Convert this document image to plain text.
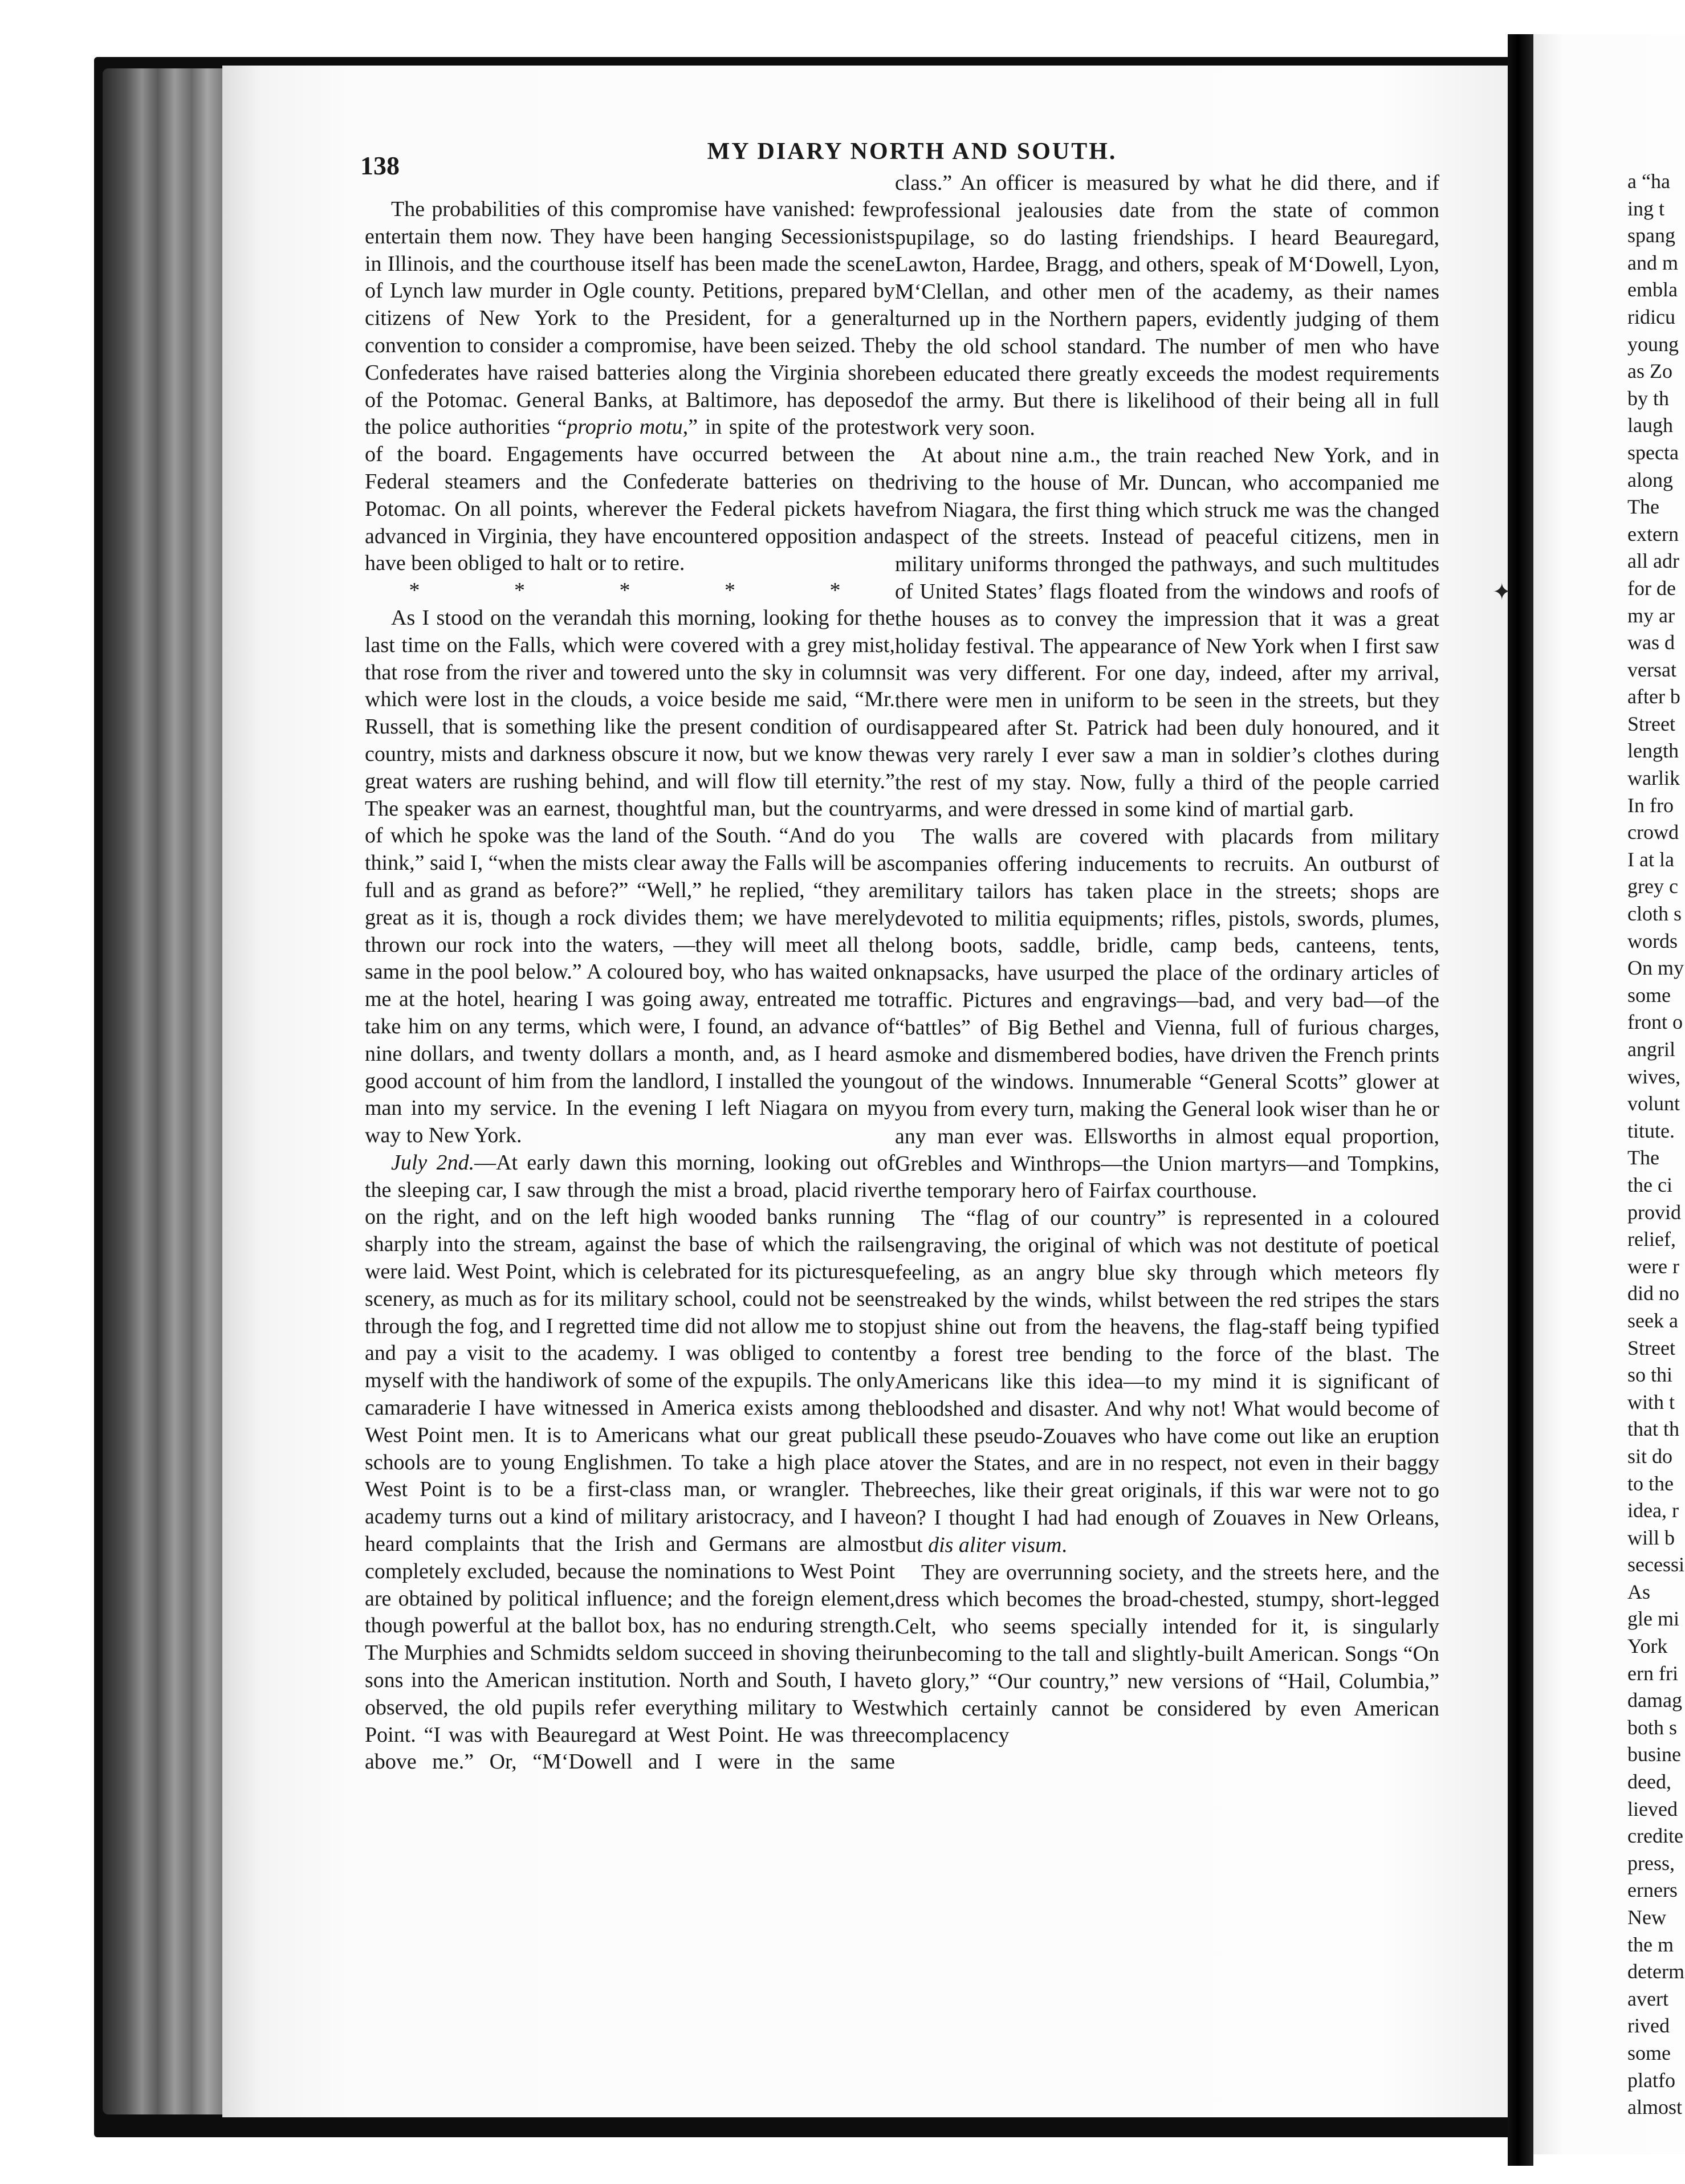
a “ha
ing t
spang
and m
embla
ridicu
young
as Zo
by th
laugh
specta
along
The
extern
all adr
for de
my ar
was d
versat
after b
Street
length
warlik
In fro
crowd
I at la
grey c
cloth s
words
On my
some
front o
angril
wives,
volunt
titute.
The
the ci
provid
relief,
were r
did no
seek a
Street
so thi
with t
that th
sit do
to the
idea, r
will b
secessi
As
gle mi
York
ern fri
damag
both s
busine
deed,
lieved
credite
press,
erners
New
the m
determ
avert
rived
some
platfo
almost
✦
138	MY DIARY NORTH AND SOUTH.

The probabilities of this compromise have vanished: few entertain them now. They have been hanging Secessionists in Illinois, and the courthouse itself has been made the scene of Lynch law murder in Ogle county. Petitions, prepared by citizens of New York to the President, for a general convention to consider a compromise, have been seized. The Confederates have raised batteries along the Virginia shore of the Potomac. General Banks, at Baltimore, has deposed the police authorities “proprio motu,” in spite of the protest of the board. Engagements have occurred between the Federal steamers and the Confederate batteries on the Potomac. On all points, wherever the Federal pickets have advanced in Virginia, they have encountered opposition and have been obliged to halt or to retire.

* * * * *

As I stood on the verandah this morning, looking for the last time on the Falls, which were covered with a grey mist, that rose from the river and towered unto the sky in columns which were lost in the clouds, a voice beside me said, “Mr. Russell, that is something like the present condition of our country, mists and darkness obscure it now, but we know the great waters are rushing behind, and will flow till eternity.” The speaker was an earnest, thoughtful man, but the country of which he spoke was the land of the South. “And do you think,” said I, “when the mists clear away the Falls will be as full and as grand as before?” “Well,” he replied, “they are great as it is, though a rock divides them; we have merely thrown our rock into the waters, —they will meet all the same in the pool below.” A coloured boy, who has waited on me at the hotel, hearing I was going away, entreated me to take him on any terms, which were, I found, an advance of nine dollars, and twenty dollars a month, and, as I heard a good account of him from the landlord, I installed the young man into my service. In the evening I left Niagara on my way to New York.

July 2nd.—At early dawn this morning, looking out of the sleeping car, I saw through the mist a broad, placid river on the right, and on the left high wooded banks running sharply into the stream, against the base of which the rails were laid. West Point, which is celebrated for its picturesque scenery, as much as for its military school, could not be seen through the fog, and I regretted time did not allow me to stop and pay a visit to the academy. I was obliged to content myself with the handiwork of some of the expupils. The only camaraderie I have witnessed in America exists among the West Point men. It is to Americans what our great public schools are to young Englishmen. To take a high place at West Point is to be a first-class man, or wrangler. The academy turns out a kind of military aristocracy, and I have heard complaints that the Irish and Germans are almost completely excluded, because the nominations to West Point are obtained by political influence; and the foreign element, though powerful at the ballot box, has no enduring strength. The Murphies and Schmidts seldom succeed in shoving their sons into the American institution. North and South, I have observed, the old pupils refer everything military to West Point. “I was with Beauregard at West Point. He was three above me.” Or, “M‘Dowell and I were in the same

class.” An officer is measured by what he did there, and if professional jealousies date from the state of common pupilage, so do lasting friendships. I heard Beauregard, Lawton, Hardee, Bragg, and others, speak of M‘Dowell, Lyon, M‘Clellan, and other men of the academy, as their names turned up in the Northern papers, evidently judging of them by the old school standard. The number of men who have been educated there greatly exceeds the modest requirements of the army. But there is likelihood of their being all in full work very soon.

At about nine a.m., the train reached New York, and in driving to the house of Mr. Duncan, who accompanied me from Niagara, the first thing which struck me was the changed aspect of the streets. Instead of peaceful citizens, men in military uniforms thronged the pathways, and such multitudes of United States’ flags floated from the windows and roofs of the houses as to convey the impression that it was a great holiday festival. The appearance of New York when I first saw it was very different. For one day, indeed, after my arrival, there were men in uniform to be seen in the streets, but they disappeared after St. Patrick had been duly honoured, and it was very rarely I ever saw a man in soldier’s clothes during the rest of my stay. Now, fully a third of the people carried arms, and were dressed in some kind of martial garb.

The walls are covered with placards from military companies offering inducements to recruits. An outburst of military tailors has taken place in the streets; shops are devoted to militia equipments; rifles, pistols, swords, plumes, long boots, saddle, bridle, camp beds, canteens, tents, knapsacks, have usurped the place of the ordinary articles of traffic. Pictures and engravings—bad, and very bad—of the “battles” of Big Bethel and Vienna, full of furious charges, smoke and dismembered bodies, have driven the French prints out of the windows. Innumerable “General Scotts” glower at you from every turn, making the General look wiser than he or any man ever was. Ellsworths in almost equal proportion, Grebles and Winthrops—the Union martyrs—and Tompkins, the temporary hero of Fairfax courthouse.

The “flag of our country” is represented in a coloured engraving, the original of which was not destitute of poetical feeling, as an angry blue sky through which meteors fly streaked by the winds, whilst between the red stripes the stars just shine out from the heavens, the flag-staff being typified by a forest tree bending to the force of the blast. The Americans like this idea—to my mind it is significant of bloodshed and disaster. And why not! What would become of all these pseudo-Zouaves who have come out like an eruption over the States, and are in no respect, not even in their baggy breeches, like their great originals, if this war were not to go on? I thought I had had enough of Zouaves in New Orleans, but dis aliter visum.

They are overrunning society, and the streets here, and the dress which becomes the broad-chested, stumpy, short-legged Celt, who seems specially intended for it, is singularly unbecoming to the tall and slightly-built American. Songs “On to glory,” “Our country,” new versions of “Hail, Columbia,” which certainly cannot be considered by even American complacency
